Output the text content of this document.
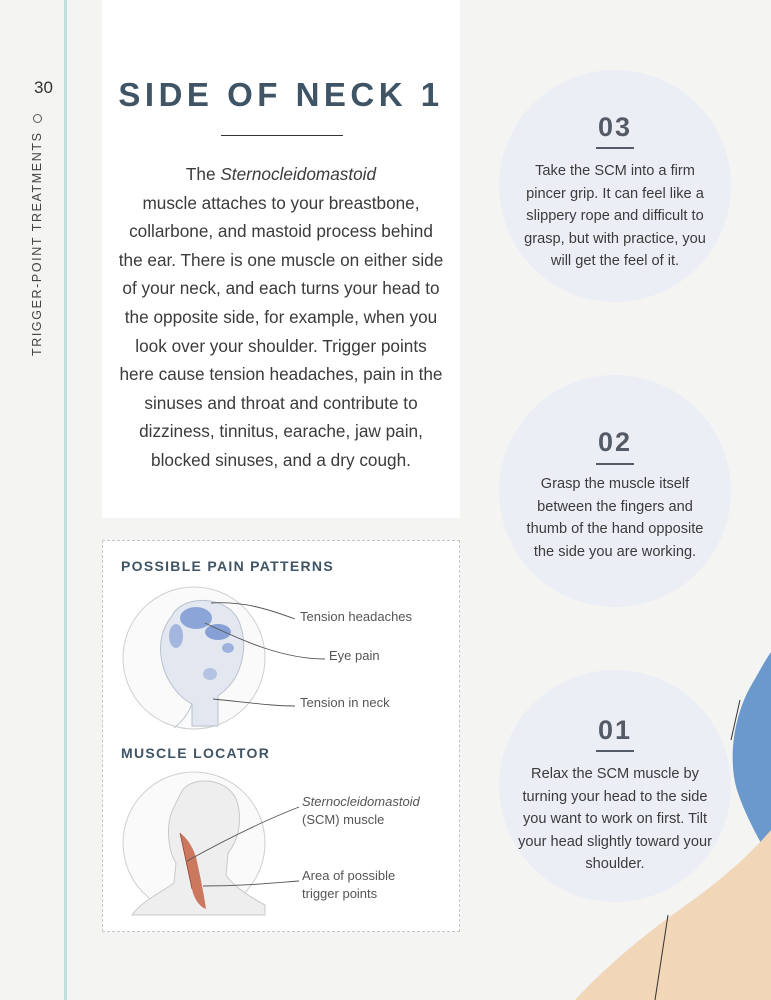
30
TRIGGER-POINT TREATMENTS
SIDE OF NECK 1
The Sternocleidomastoid
muscle attaches to your breastbone, collarbone, and mastoid process behind the ear. There is one muscle on either side of your neck, and each turns your head to the opposite side, for example, when you look over your shoulder. Trigger points here cause tension headaches, pain in the sinuses and throat and contribute to dizziness, tinnitus, earache, jaw pain, blocked sinuses, and a dry cough.
POSSIBLE PAIN PATTERNS
Tension headaches
Eye pain
Tension in neck
MUSCLE LOCATOR
Sternocleidomastoid
(SCM) muscle
Area of possible
trigger points
03
Take the SCM into a firm pincer grip. It can feel like a slippery rope and difficult to grasp, but with practice, you will get the feel of it.
02
Grasp the muscle itself between the fingers and thumb of the hand opposite the side you are working.
01
Relax the SCM muscle by turning your head to the side you want to work on first. Tilt your head slightly toward your shoulder.
